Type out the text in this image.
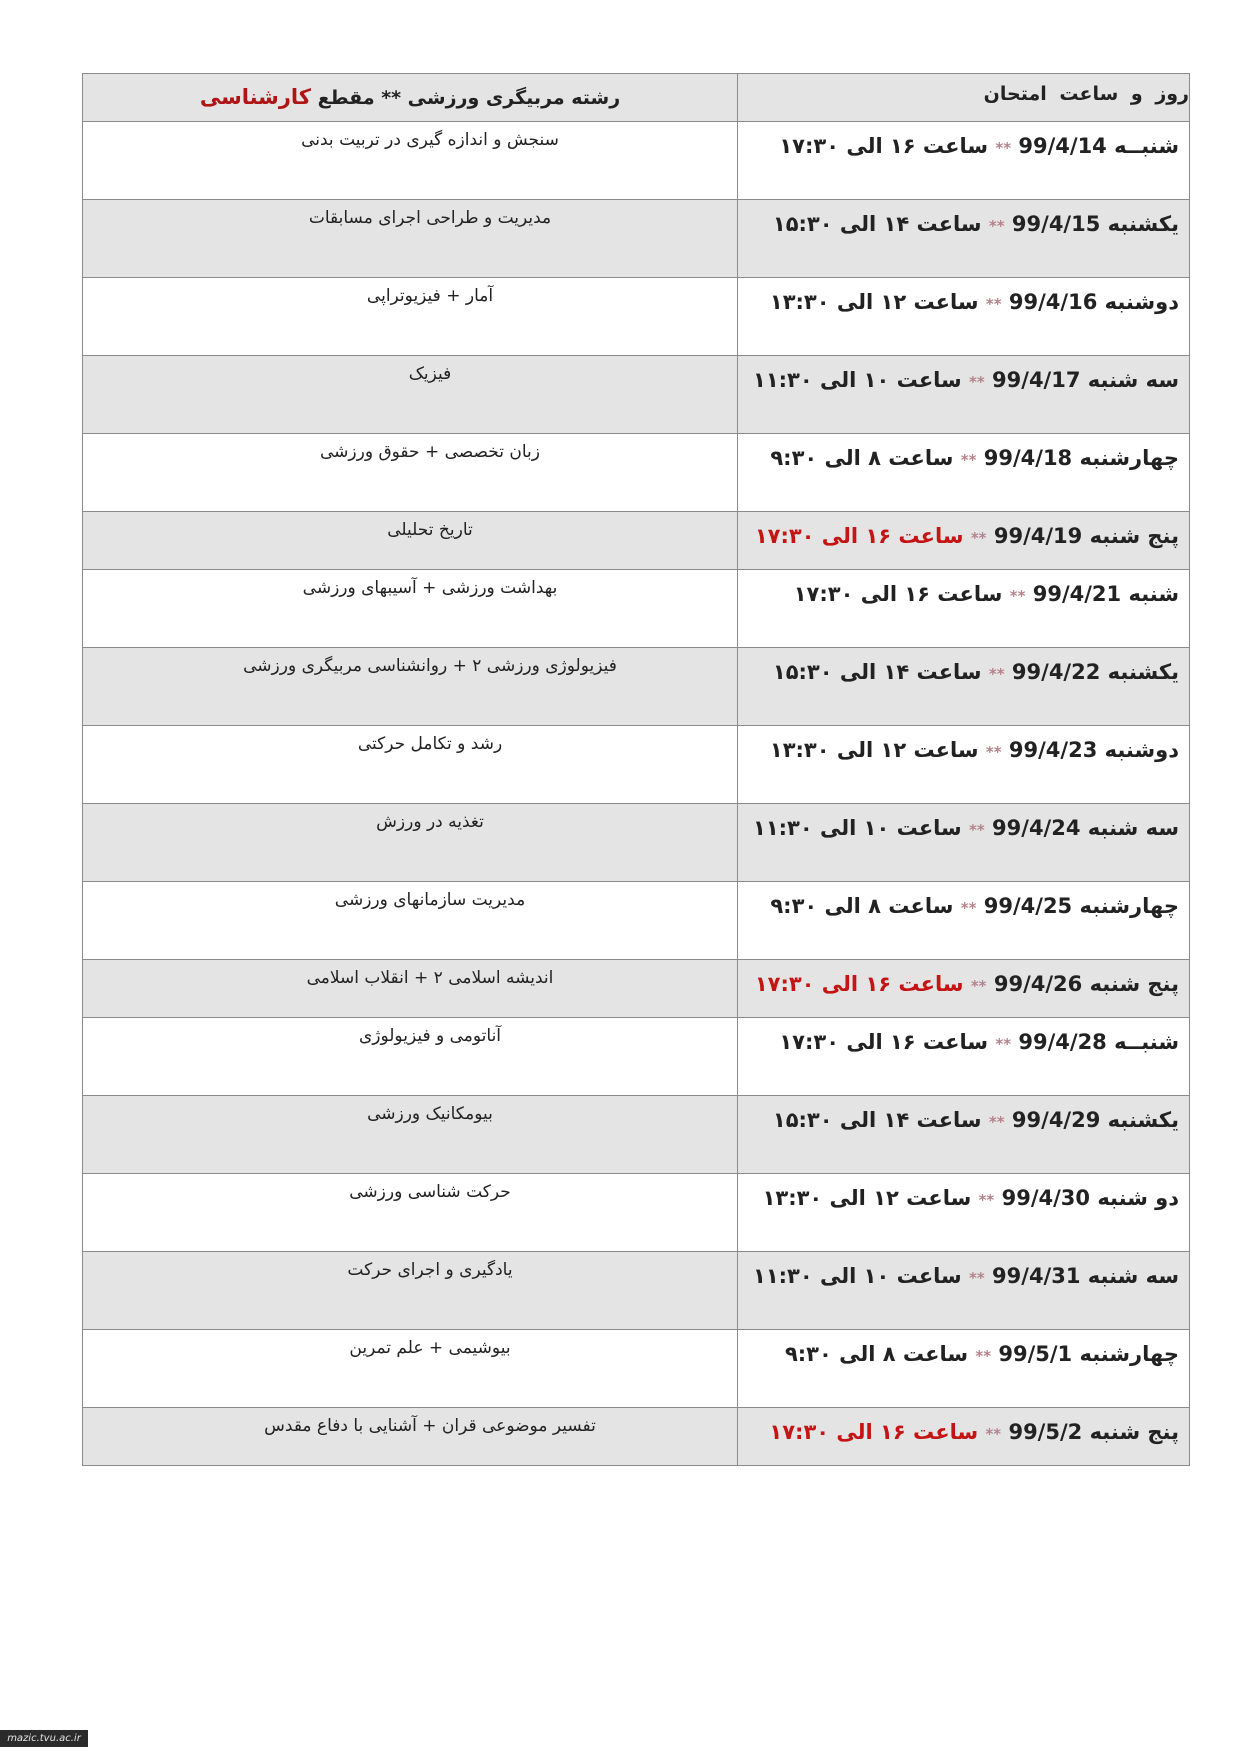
روز و ساعت امتحان	رشته مربیگری ورزشی ** مقطع کارشناسی
شنبــه 99/4/14 ** ساعت ۱۶ الی ۱۷:۳۰	سنجش و اندازه گیری در تربیت بدنی
یکشنبه 99/4/15 ** ساعت ۱۴ الی ۱۵:۳۰	مدیریت و طراحی اجرای مسابقات
دوشنبه 99/4/16 ** ساعت ۱۲ الی ۱۳:۳۰	آمار + فیزیوتراپی
سه شنبه 99/4/17 ** ساعت ۱۰ الی ۱۱:۳۰	فیزیک
چهارشنبه 99/4/18 ** ساعت ۸ الی ۹:۳۰	زبان تخصصی + حقوق ورزشی
پنج شنبه 99/4/19 ** ساعت ۱۶ الی ۱۷:۳۰	تاریخ تحلیلی
شنبه 99/4/21 ** ساعت ۱۶ الی ۱۷:۳۰	بهداشت ورزشی + آسیبهای ورزشی
یکشنبه 99/4/22 ** ساعت ۱۴ الی ۱۵:۳۰	فیزیولوژی ورزشی ۲ + روانشناسی مربیگری ورزشی
دوشنبه 99/4/23 ** ساعت ۱۲ الی ۱۳:۳۰	رشد و تکامل حرکتی
سه شنبه 99/4/24 ** ساعت ۱۰ الی ۱۱:۳۰	تغذیه در ورزش
چهارشنبه 99/4/25 ** ساعت ۸ الی ۹:۳۰	مدیریت سازمانهای ورزشی
پنج شنبه 99/4/26 ** ساعت ۱۶ الی ۱۷:۳۰	اندیشه اسلامی ۲ + انقلاب اسلامی
شنبــه 99/4/28 ** ساعت ۱۶ الی ۱۷:۳۰	آناتومی و فیزیولوژی
یکشنبه 99/4/29 ** ساعت ۱۴ الی ۱۵:۳۰	بیومکانیک ورزشی
دو شنبه 99/4/30 ** ساعت ۱۲ الی ۱۳:۳۰	حرکت شناسی ورزشی
سه شنبه 99/4/31 ** ساعت ۱۰ الی ۱۱:۳۰	یادگیری و اجرای حرکت
چهارشنبه 99/5/1 ** ساعت ۸ الی ۹:۳۰	بیوشیمی + علم تمرین
پنج شنبه 99/5/2 ** ساعت ۱۶ الی ۱۷:۳۰	تفسیر موضوعی قران + آشنایی با دفاع مقدس
mazic.tvu.ac.ir
